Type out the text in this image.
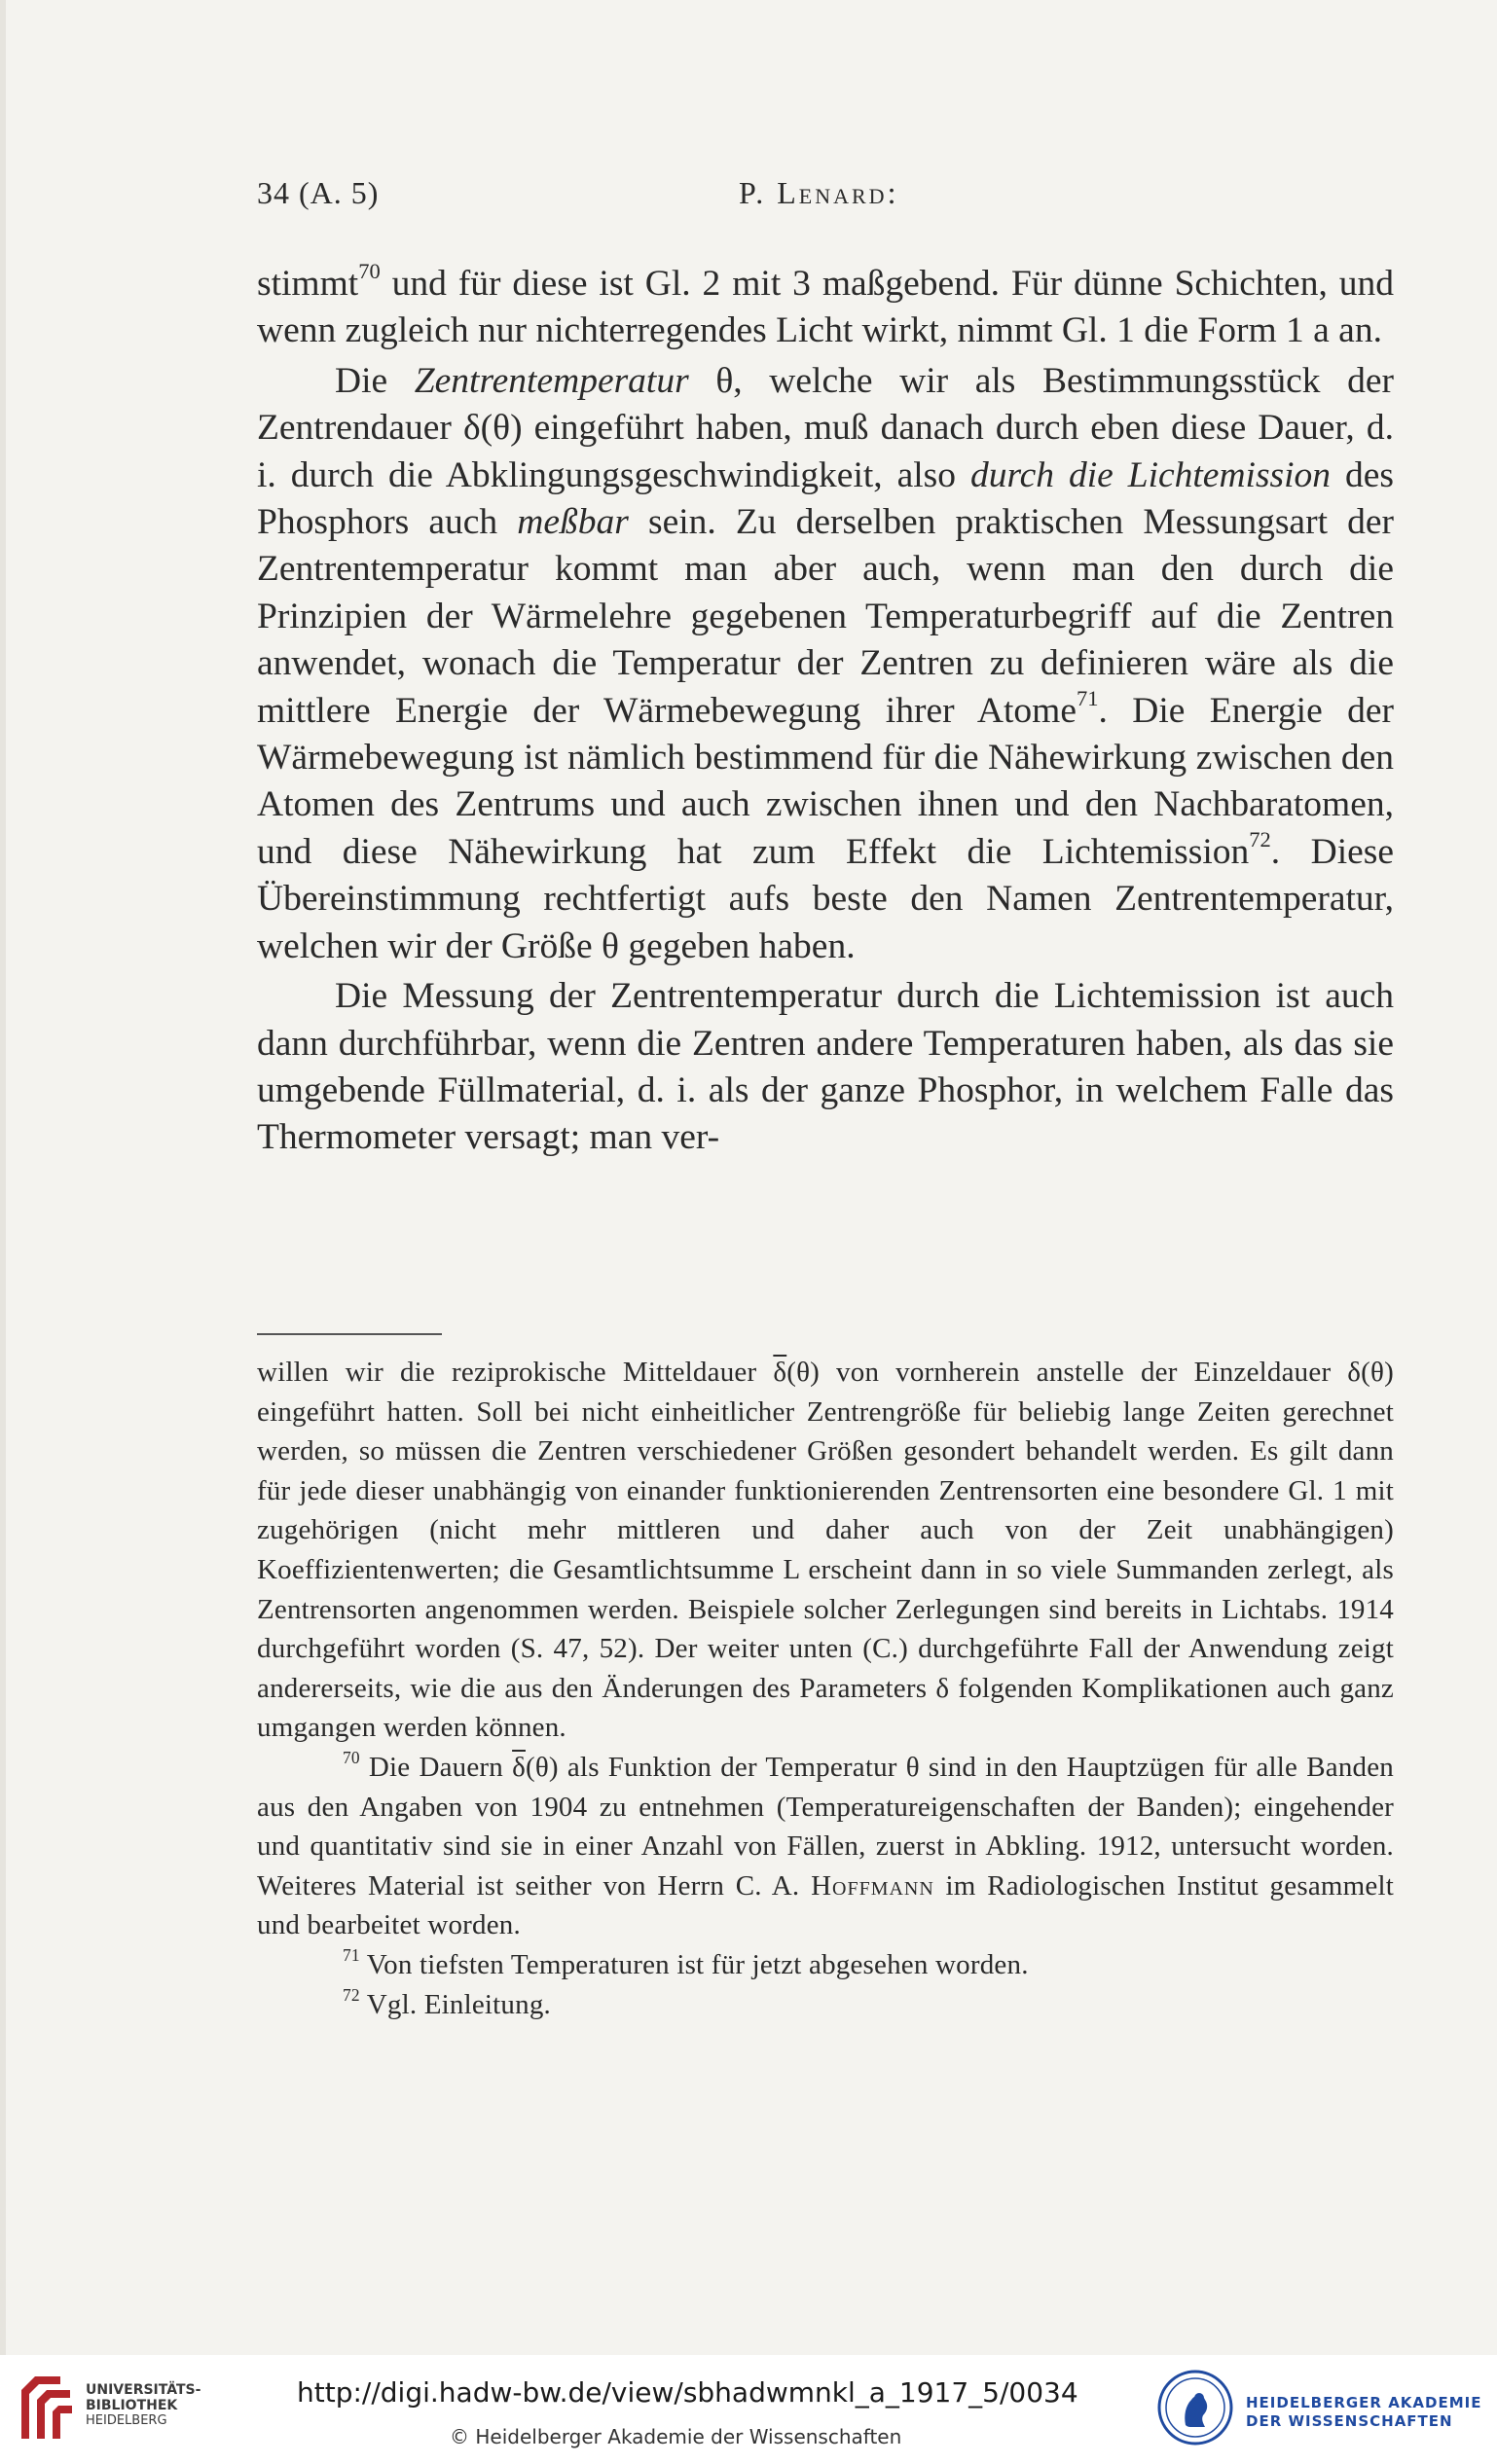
34 (A. 5)	P. Lenard:

stimmt$^{70}$ und für diese ist Gl. 2 mit 3 maßgebend. Für dünne Schichten, und wenn zugleich nur nichterregendes Licht wirkt, nimmt Gl. 1 die Form 1 a an.

Die Zentrentemperatur θ, welche wir als Bestimmungsstück der Zentrendauer δ(θ) eingeführt haben, muß danach durch eben diese Dauer, d. i. durch die Abklingungsgeschwindigkeit, also durch die Lichtemission des Phosphors auch meßbar sein. Zu derselben praktischen Messungsart der Zentrentemperatur kommt man aber auch, wenn man den durch die Prinzipien der Wärmelehre gegebenen Temperaturbegriff auf die Zentren anwendet, wonach die Temperatur der Zentren zu definieren wäre als die mittlere Energie der Wärmebewegung ihrer Atome$^{71}$. Die Energie der Wärmebewegung ist nämlich bestimmend für die Nähewirkung zwischen den Atomen des Zentrums und auch zwischen ihnen und den Nachbaratomen, und diese Nähewirkung hat zum Effekt die Lichtemission$^{72}$. Diese Übereinstimmung rechtfertigt aufs beste den Namen Zentrentemperatur, welchen wir der Größe θ gegeben haben.

Die Messung der Zentrentemperatur durch die Lichtemission ist auch dann durchführbar, wenn die Zentren andere Temperaturen haben, als das sie umgebende Füllmaterial, d. i. als der ganze Phosphor, in welchem Falle das Thermometer versagt; man ver-

willen wir die reziprokische Mitteldauer $\overline{\delta}(\theta)$ von vornherein anstelle der Einzeldauer δ(θ) eingeführt hatten. Soll bei nicht einheitlicher Zentrengröße für beliebig lange Zeiten gerechnet werden, so müssen die Zentren verschiedener Größen gesondert behandelt werden. Es gilt dann für jede dieser unabhängig von einander funktionierenden Zentrensorten eine besondere Gl. 1 mit zugehörigen (nicht mehr mittleren und daher auch von der Zeit unabhängigen) Koeffizientenwerten; die Gesamtlichtsumme L erscheint dann in so viele Summanden zerlegt, als Zentrensorten angenommen werden. Beispiele solcher Zerlegungen sind bereits in Lichtabs. 1914 durchgeführt worden (S. 47, 52). Der weiter unten (C.) durchgeführte Fall der Anwendung zeigt andererseits, wie die aus den Änderungen des Parameters δ folgenden Komplikationen auch ganz umgangen werden können.

$^{70}$ Die Dauern $\overline{\delta}(\theta)$ als Funktion der Temperatur θ sind in den Hauptzügen für alle Banden aus den Angaben von 1904 zu entnehmen (Temperatureigenschaften der Banden); eingehender und quantitativ sind sie in einer Anzahl von Fällen, zuerst in Abkling. 1912, untersucht worden. Weiteres Material ist seither von Herrn C. A. Hoffmann im Radiologischen Institut gesammelt und bearbeitet worden.

$^{71}$ Von tiefsten Temperaturen ist für jetzt abgesehen worden.

$^{72}$ Vgl. Einleitung.

UNIVERSITÄTS-
BIBLIOTHEK
HEIDELBERG
http://digi.hadw-bw.de/view/sbhadwmnkl_a_1917_5/0034
© Heidelberger Akademie der Wissenschaften
HEIDELBERGER AKADEMIE
DER WISSENSCHAFTEN
